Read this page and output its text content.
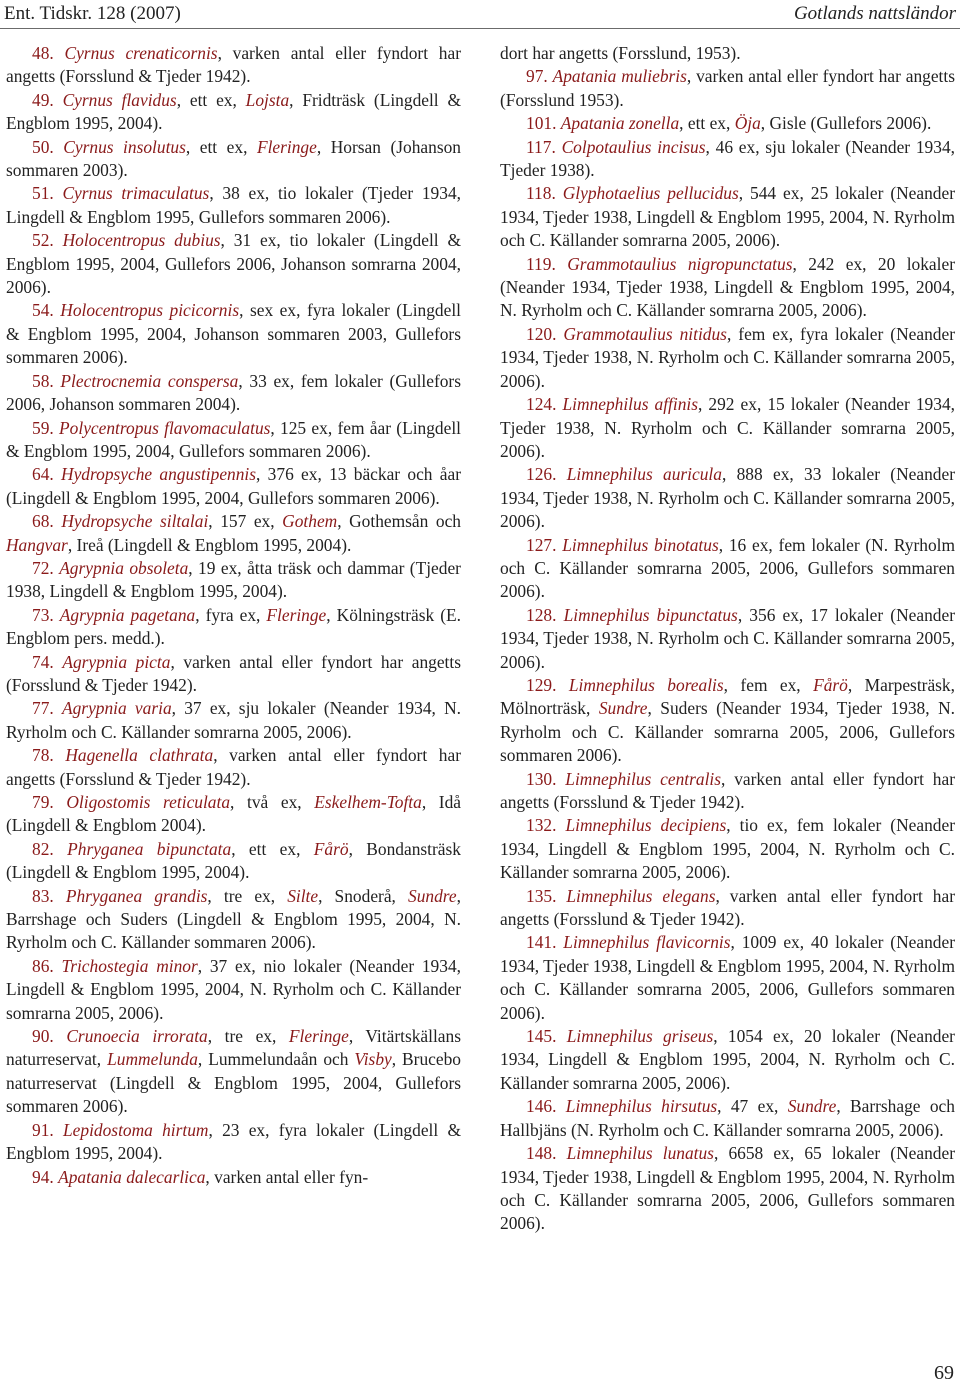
Ent. Tidskr. 128 (2007)	Gotlands nattsländor

48. Cyrnus crenaticornis, varken antal eller fyndort har angetts (Forsslund & Tjeder 1942).

49. Cyrnus flavidus, ett ex, Lojsta, Fridträsk (Lingdell & Engblom 1995, 2004).

50. Cyrnus insolutus, ett ex, Fleringe, Horsan (Johanson sommaren 2003).

51. Cyrnus trimaculatus, 38 ex, tio lokaler (Tjeder 1934, Lingdell & Engblom 1995, Gullefors sommaren 2006).

52. Holocentropus dubius, 31 ex, tio lokaler (Lingdell & Engblom 1995, 2004, Gullefors 2006, Johanson somrarna 2004, 2006).

54. Holocentropus picicornis, sex ex, fyra lokaler (Lingdell & Engblom 1995, 2004, Johanson sommaren 2003, Gullefors sommaren 2006).

58. Plectrocnemia conspersa, 33 ex, fem lokaler (Gullefors 2006, Johanson sommaren 2004).

59. Polycentropus flavomaculatus, 125 ex, fem åar (Lingdell & Engblom 1995, 2004, Gullefors sommaren 2006).

64. Hydropsyche angustipennis, 376 ex, 13 bäckar och åar (Lingdell & Engblom 1995, 2004, Gullefors sommaren 2006).

68. Hydropsyche siltalai, 157 ex, Gothem, Gothemsån och Hangvar, Ireå (Lingdell & Engblom 1995, 2004).

72. Agrypnia obsoleta, 19 ex, åtta träsk och dammar (Tjeder 1938, Lingdell & Engblom 1995, 2004).

73. Agrypnia pagetana, fyra ex, Fleringe, Kölningsträsk (E. Engblom pers. medd.).

74. Agrypnia picta, varken antal eller fyndort har angetts (Forsslund & Tjeder 1942).

77. Agrypnia varia, 37 ex, sju lokaler (Neander 1934, N. Ryrholm och C. Källander somrarna 2005, 2006).

78. Hagenella clathrata, varken antal eller fyndort har angetts (Forsslund & Tjeder 1942).

79. Oligostomis reticulata, två ex, Eskelhem-Tofta, Idå (Lingdell & Engblom 2004).

82. Phryganea bipunctata, ett ex, Fårö, Bondansträsk (Lingdell & Engblom 1995, 2004).

83. Phryganea grandis, tre ex, Silte, Snoderå, Sundre, Barrshage och Suders (Lingdell & Engblom 1995, 2004, N. Ryrholm och C. Källander sommaren 2006).

86. Trichostegia minor, 37 ex, nio lokaler (Neander 1934, Lingdell & Engblom 1995, 2004, N. Ryrholm och C. Källander somrarna 2005, 2006).

90. Crunoecia irrorata, tre ex, Fleringe, Vitärtskällans naturreservat, Lummelunda, Lummelundaån och Visby, Brucebo naturreservat (Lingdell & Engblom 1995, 2004, Gullefors sommaren 2006).

91. Lepidostoma hirtum, 23 ex, fyra lokaler (Lingdell & Engblom 1995, 2004).

94. Apatania dalecarlica, varken antal eller fyn-

dort har angetts (Forsslund, 1953).

97. Apatania muliebris, varken antal eller fyndort har angetts (Forsslund 1953).

101. Apatania zonella, ett ex, Öja, Gisle (Gullefors 2006).

117. Colpotaulius incisus, 46 ex, sju lokaler (Neander 1934, Tjeder 1938).

118. Glyphotaelius pellucidus, 544 ex, 25 lokaler (Neander 1934, Tjeder 1938, Lingdell & Engblom 1995, 2004, N. Ryrholm och C. Källander somrarna 2005, 2006).

119. Grammotaulius nigropunctatus, 242 ex, 20 lokaler (Neander 1934, Tjeder 1938, Lingdell & Engblom 1995, 2004, N. Ryrholm och C. Källander somrarna 2005, 2006).

120. Grammotaulius nitidus, fem ex, fyra lokaler (Neander 1934, Tjeder 1938, N. Ryrholm och C. Källander somrarna 2005, 2006).

124. Limnephilus affinis, 292 ex, 15 lokaler (Neander 1934, Tjeder 1938, N. Ryrholm och C. Källander somrarna 2005, 2006).

126. Limnephilus auricula, 888 ex, 33 lokaler (Neander 1934, Tjeder 1938, N. Ryrholm och C. Källander somrarna 2005, 2006).

127. Limnephilus binotatus, 16 ex, fem lokaler (N. Ryrholm och C. Källander somrarna 2005, 2006, Gullefors sommaren 2006).

128. Limnephilus bipunctatus, 356 ex, 17 lokaler (Neander 1934, Tjeder 1938, N. Ryrholm och C. Källander somrarna 2005, 2006).

129. Limnephilus borealis, fem ex, Fårö, Marpesträsk, Mölnorträsk, Sundre, Suders (Neander 1934, Tjeder 1938, N. Ryrholm och C. Källander somrarna 2005, 2006, Gullefors sommaren 2006).

130. Limnephilus centralis, varken antal eller fyndort har angetts (Forsslund & Tjeder 1942).

132. Limnephilus decipiens, tio ex, fem lokaler (Neander 1934, Lingdell & Engblom 1995, 2004, N. Ryrholm och C. Källander somrarna 2005, 2006).

135. Limnephilus elegans, varken antal eller fyndort har angetts (Forsslund & Tjeder 1942).

141. Limnephilus flavicornis, 1009 ex, 40 lokaler (Neander 1934, Tjeder 1938, Lingdell & Engblom 1995, 2004, N. Ryrholm och C. Källander somrarna 2005, 2006, Gullefors sommaren 2006).

145. Limnephilus griseus, 1054 ex, 20 lokaler (Neander 1934, Lingdell & Engblom 1995, 2004, N. Ryrholm och C. Källander somrarna 2005, 2006).

146. Limnephilus hirsutus, 47 ex, Sundre, Barrshage och Hallbjäns (N. Ryrholm och C. Källander somrarna 2005, 2006).

148. Limnephilus lunatus, 6658 ex, 65 lokaler (Neander 1934, Tjeder 1938, Lingdell & Engblom 1995, 2004, N. Ryrholm och C. Källander somrarna 2005, 2006, Gullefors sommaren 2006).

69
